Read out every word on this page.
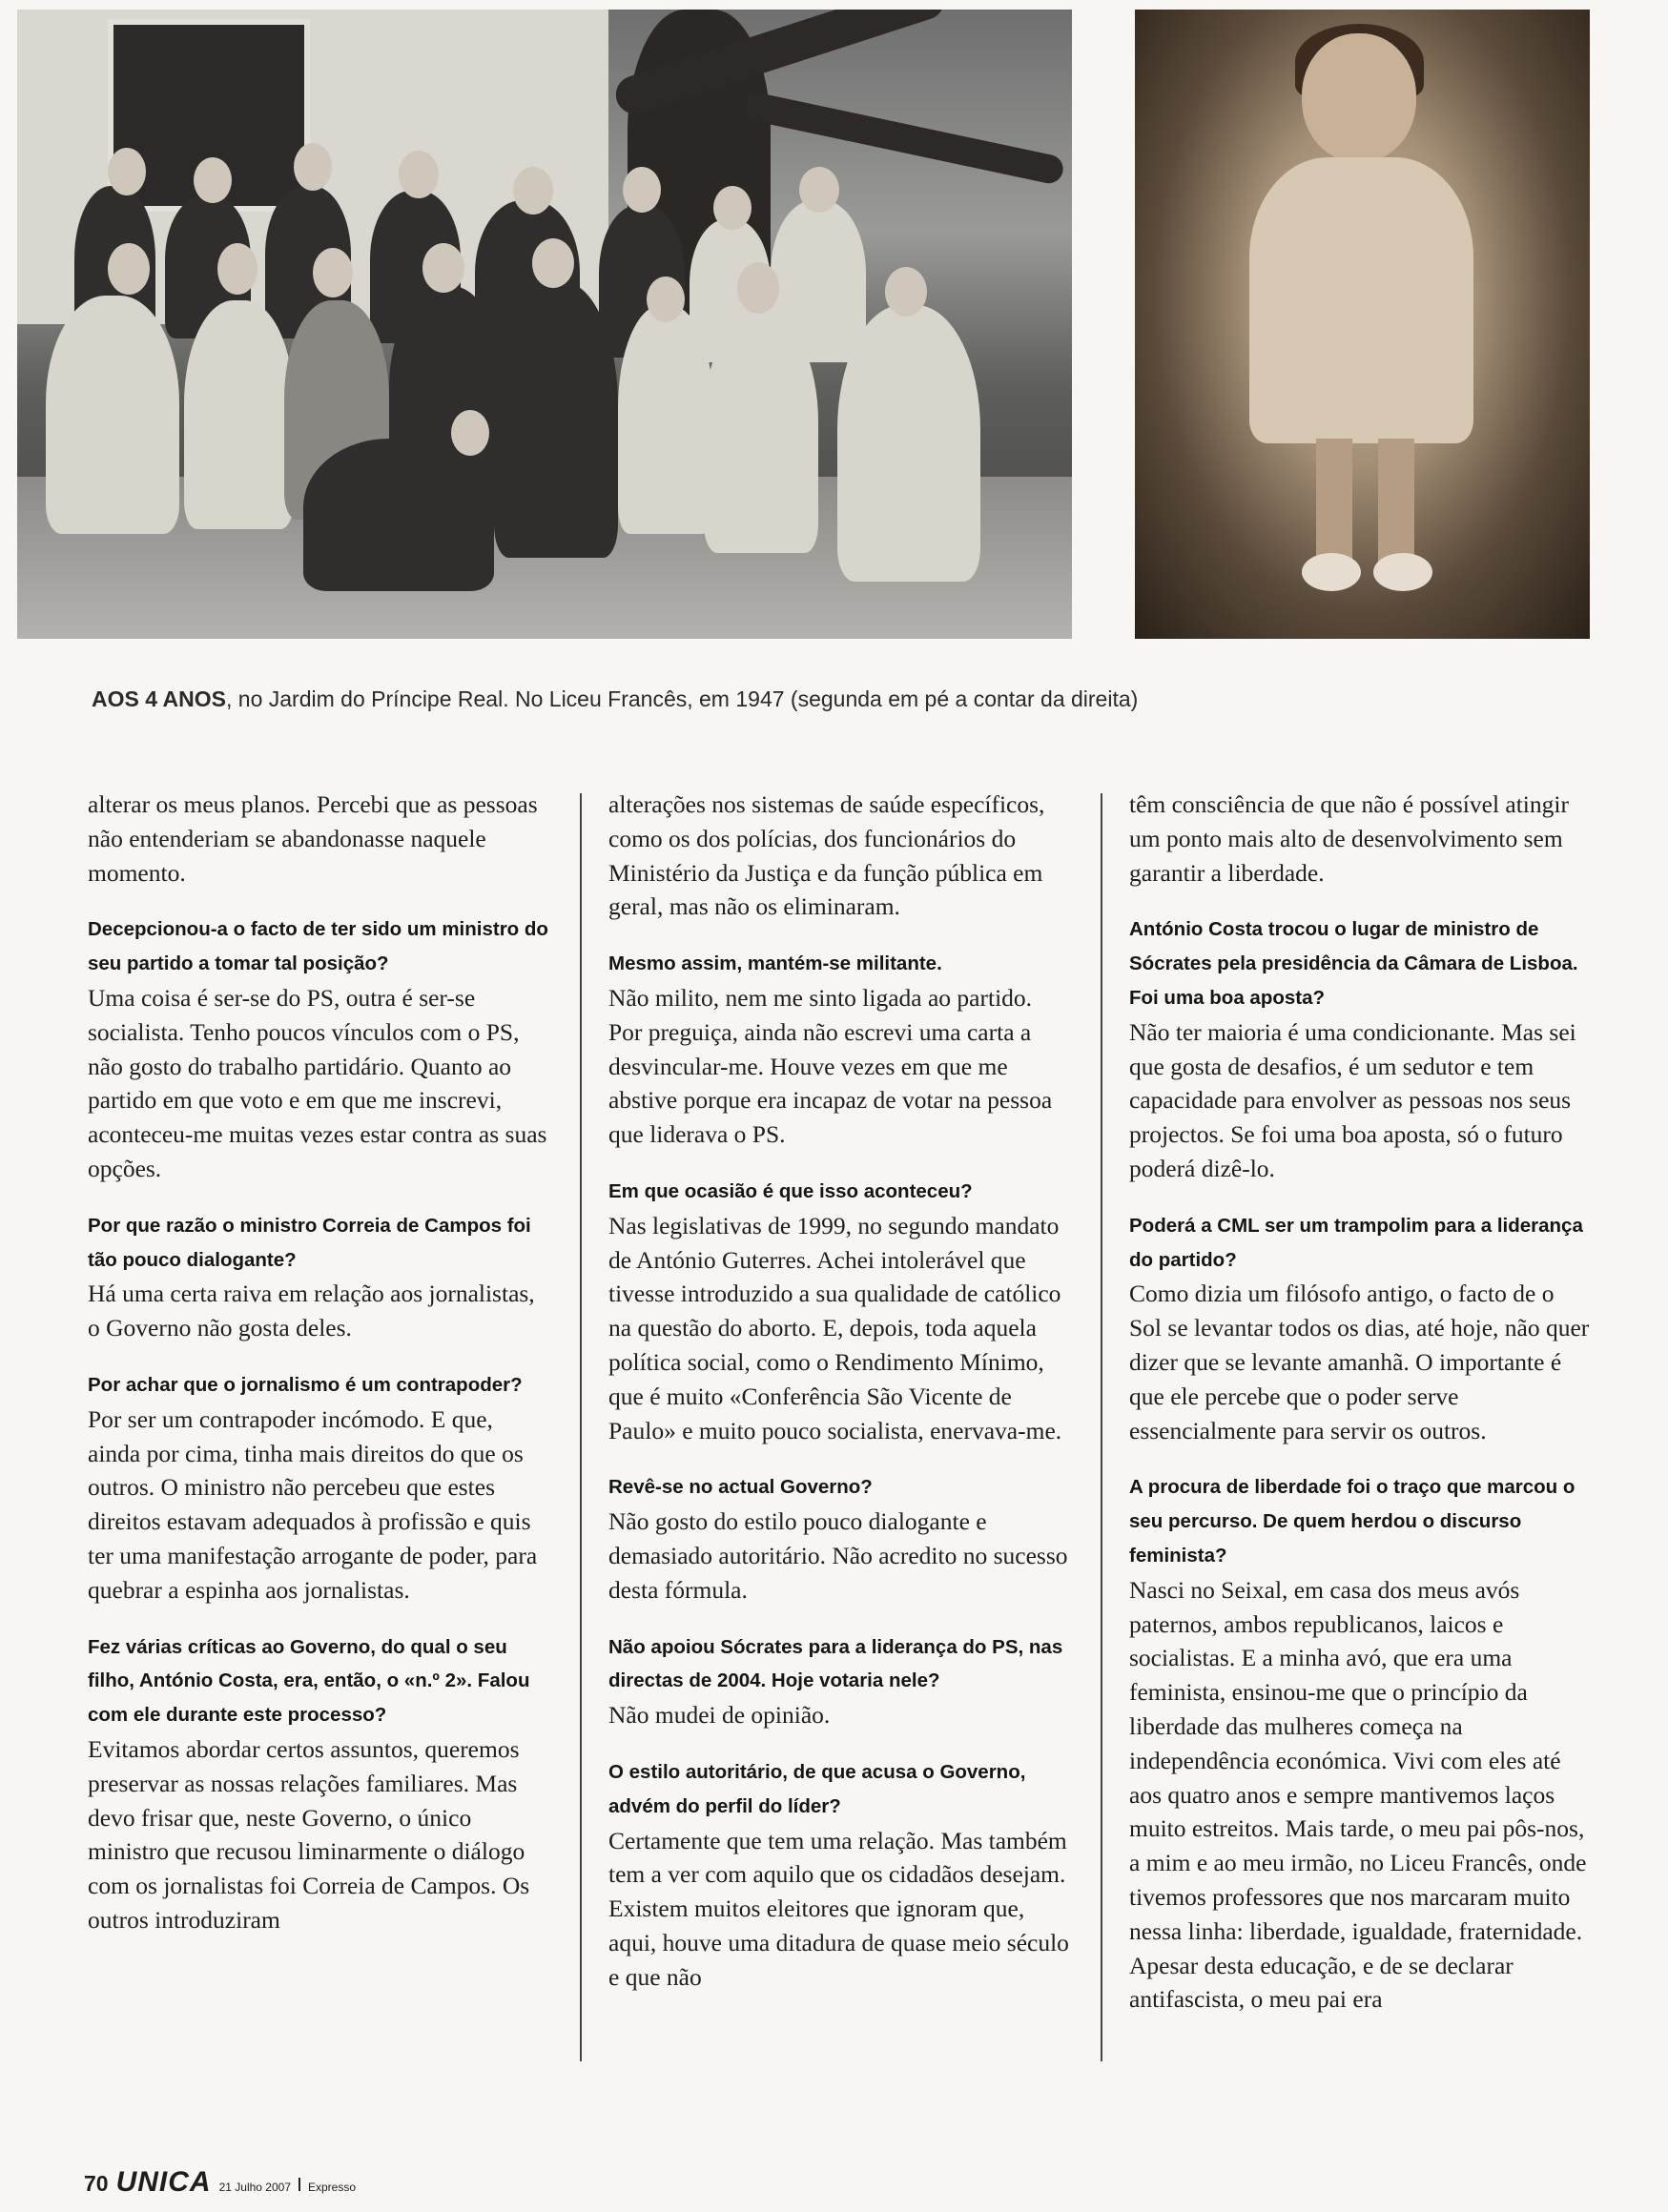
AOS 4 ANOS, no Jardim do Príncipe Real. No Liceu Francês, em 1947 (segunda em pé a contar da direita)

alterar os meus planos. Percebi que as pessoas não entenderiam se abandonasse naquele momento.

Decepcionou-a o facto de ter sido um ministro do seu partido a tomar tal posição?

Uma coisa é ser-se do PS, outra é ser-se socialista. Tenho poucos vínculos com o PS, não gosto do trabalho partidário. Quanto ao partido em que voto e em que me inscrevi, aconteceu-me muitas vezes estar contra as suas opções.

Por que razão o ministro Correia de Campos foi tão pouco dialogante?

Há uma certa raiva em relação aos jornalistas, o Governo não gosta deles.

Por achar que o jornalismo é um contrapoder?

Por ser um contrapoder incómodo. E que, ainda por cima, tinha mais direitos do que os outros. O ministro não percebeu que estes direitos estavam adequados à profissão e quis ter uma manifestação arrogante de poder, para quebrar a espinha aos jornalistas.

Fez várias críticas ao Governo, do qual o seu filho, António Costa, era, então, o «n.º 2». Falou com ele durante este processo?

Evitamos abordar certos assuntos, queremos preservar as nossas relações familiares. Mas devo frisar que, neste Governo, o único ministro que recusou liminarmente o diálogo com os jornalistas foi Correia de Campos. Os outros introduziram

alterações nos sistemas de saúde específicos, como os dos polícias, dos funcionários do Ministério da Justiça e da função pública em geral, mas não os eliminaram.

Mesmo assim, mantém-se militante.

Não milito, nem me sinto ligada ao partido. Por preguiça, ainda não escrevi uma carta a desvincular-me. Houve vezes em que me abstive porque era incapaz de votar na pessoa que liderava o PS.

Em que ocasião é que isso aconteceu?

Nas legislativas de 1999, no segundo mandato de António Guterres. Achei intolerável que tivesse introduzido a sua qualidade de católico na questão do aborto. E, depois, toda aquela política social, como o Rendimento Mínimo, que é muito «Conferência São Vicente de Paulo» e muito pouco socialista, enervava-me.

Revê-se no actual Governo?

Não gosto do estilo pouco dialogante e demasiado autoritário. Não acredito no sucesso desta fórmula.

Não apoiou Sócrates para a liderança do PS, nas directas de 2004. Hoje votaria nele?

Não mudei de opinião.

O estilo autoritário, de que acusa o Governo, advém do perfil do líder?

Certamente que tem uma relação. Mas também tem a ver com aquilo que os cidadãos desejam. Existem muitos eleitores que ignoram que, aqui, houve uma ditadura de quase meio século e que não

têm consciência de que não é possível atingir um ponto mais alto de desenvolvimento sem garantir a liberdade.

António Costa trocou o lugar de ministro de Sócrates pela presidência da Câmara de Lisboa. Foi uma boa aposta?

Não ter maioria é uma condicionante. Mas sei que gosta de desafios, é um sedutor e tem capacidade para envolver as pessoas nos seus projectos. Se foi uma boa aposta, só o futuro poderá dizê-lo.

Poderá a CML ser um trampolim para a liderança do partido?

Como dizia um filósofo antigo, o facto de o Sol se levantar todos os dias, até hoje, não quer dizer que se levante amanhã. O importante é que ele percebe que o poder serve essencialmente para servir os outros.

A procura de liberdade foi o traço que marcou o seu percurso. De quem herdou o discurso feminista?

Nasci no Seixal, em casa dos meus avós paternos, ambos republicanos, laicos e socialistas. E a minha avó, que era uma feminista, ensinou-me que o princípio da liberdade das mulheres começa na independência económica. Vivi com eles até aos quatro anos e sempre mantivemos laços muito estreitos. Mais tarde, o meu pai pôs-nos, a mim e ao meu irmão, no Liceu Francês, onde tivemos professores que nos marcaram muito nessa linha: liberdade, igualdade, fraternidade. Apesar desta educação, e de se declarar antifascista, o meu pai era

70 UNICA 21 Julho 2007 Expresso
